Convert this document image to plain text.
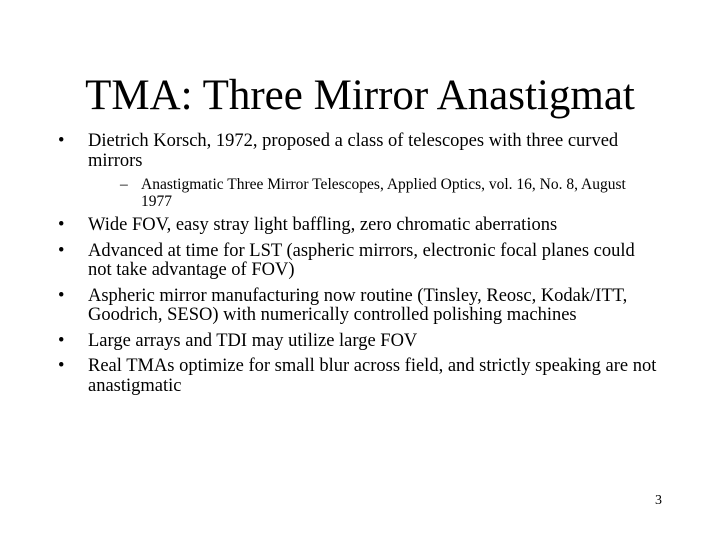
TMA: Three Mirror Anastigmat
•	Dietrich Korsch, 1972, proposed a class of telescopes with three curved mirrors
– Anastigmatic Three Mirror Telescopes, Applied Optics, vol. 16, No. 8, August 1977
•	Wide FOV, easy stray light baffling, zero chromatic aberrations
•	Advanced at time for LST (aspheric mirrors, electronic focal planes could not take advantage of FOV)
•	Aspheric mirror manufacturing now routine (Tinsley, Reosc, Kodak/ITT, Goodrich, SESO) with numerically controlled polishing machines
•	Large arrays and TDI may utilize large FOV
•	Real TMAs optimize for small blur across field, and strictly speaking are not anastigmatic
3
